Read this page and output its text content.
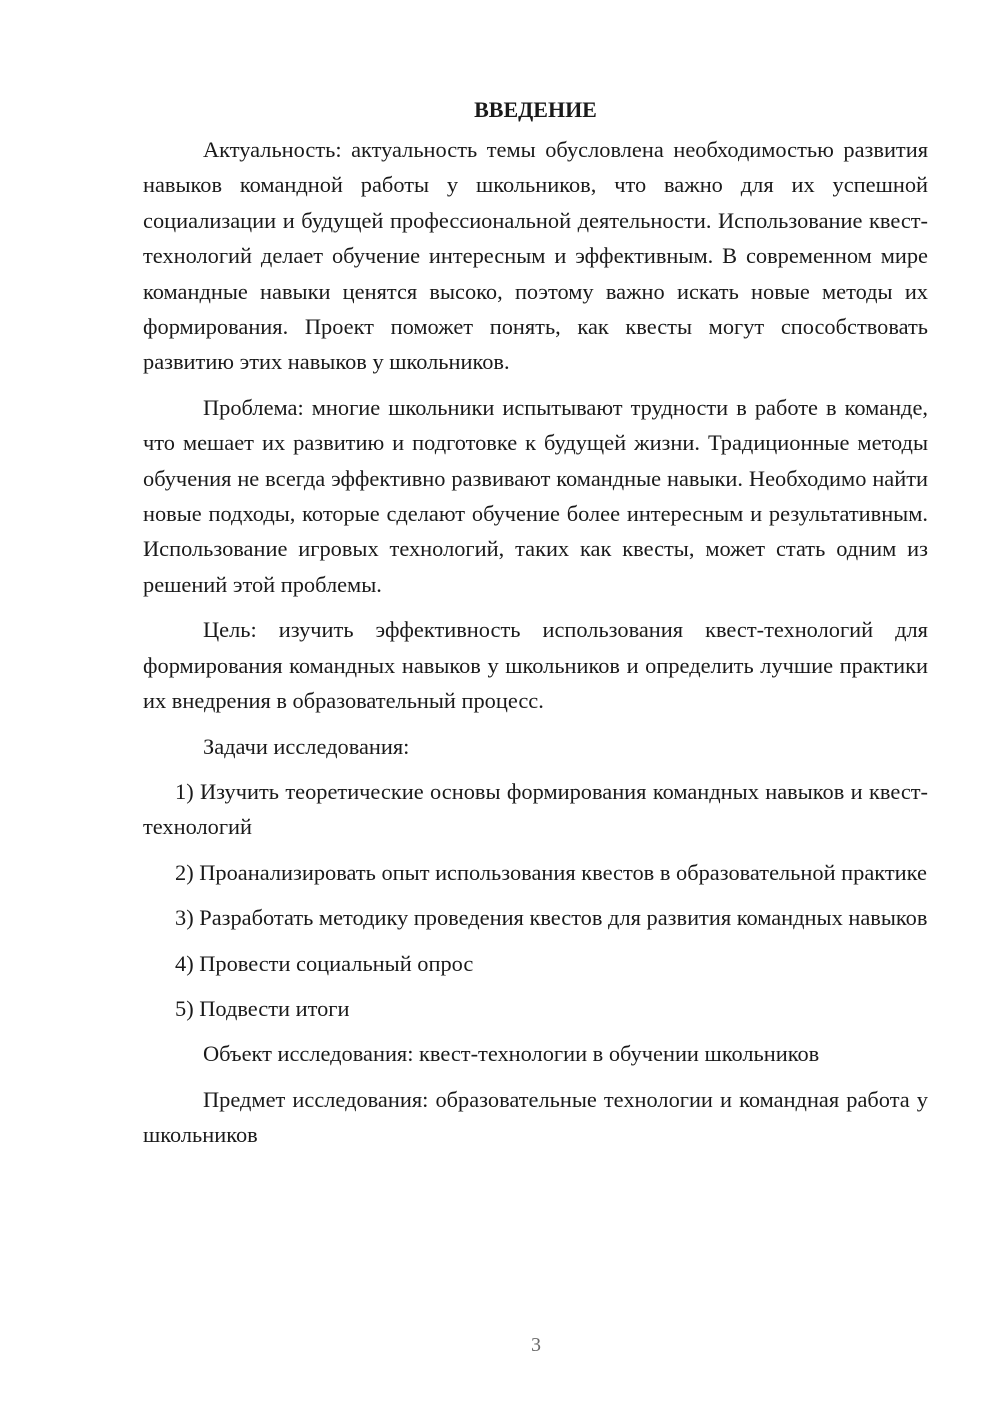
ВВЕДЕНИЕ

Актуальность: актуальность темы обусловлена необходимостью развития навыков командной работы у школьников, что важно для их успешной социализации и будущей профессиональной деятельности. Использование квест-технологий делает обучение интересным и эффективным. В современном мире командные навыки ценятся высоко, поэтому важно искать новые методы их формирования. Проект поможет понять, как квесты могут способствовать развитию этих навыков у школьников.

Проблема: многие школьники испытывают трудности в работе в команде, что мешает их развитию и подготовке к будущей жизни. Традиционные методы обучения не всегда эффективно развивают командные навыки. Необходимо найти новые подходы, которые сделают обучение более интересным и результативным. Использование игровых технологий, таких как квесты, может стать одним из решений этой проблемы.

Цель: изучить эффективность использования квест-технологий для формирования командных навыков у школьников и определить лучшие практики их внедрения в образовательный процесс.

Задачи исследования:

1) Изучить теоретические основы формирования командных навыков и квест-технологий

2) Проанализировать опыт использования квестов в образовательной практике

3) Разработать методику проведения квестов для развития командных навыков

4) Провести социальный опрос

5) Подвести итоги

Объект исследования: квест-технологии в обучении школьников

Предмет исследования: образовательные технологии и командная работа у школьников

3
